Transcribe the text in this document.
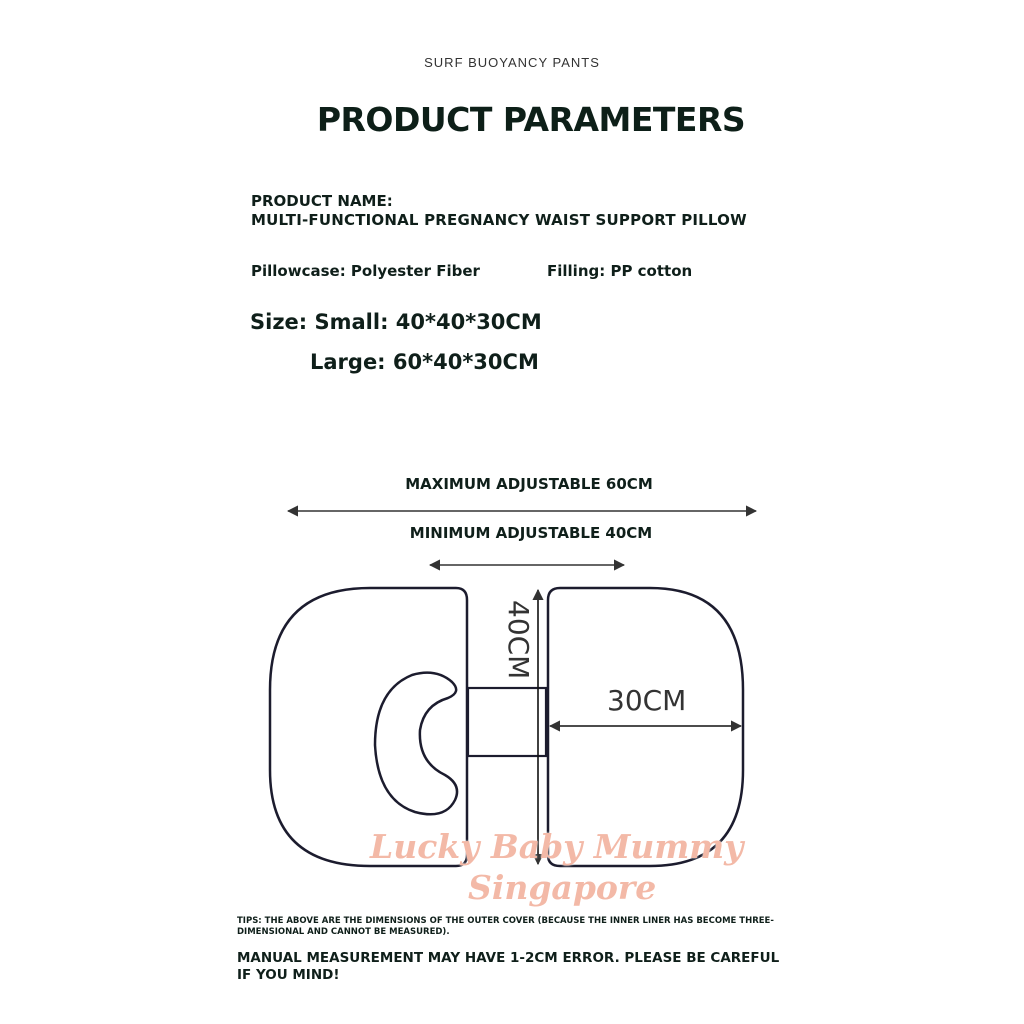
SURF BUOYANCY PANTS
PRODUCT PARAMETERS
PRODUCT NAME:
MULTI-FUNCTIONAL PREGNANCY WAIST SUPPORT PILLOW
Pillowcase: Polyester Fiber	Filling: PP cotton
Size: Small: 40*40*30CM
Large: 60*40*30CM
MAXIMUM ADJUSTABLE 60CM
MINIMUM ADJUSTABLE 40CM
40CM
30CM
Lucky Baby Mummy
Singapore
TIPS: THE ABOVE ARE THE DIMENSIONS OF THE OUTER COVER (BECAUSE THE INNER LINER HAS BECOME THREE-DIMENSIONAL AND CANNOT BE MEASURED).
MANUAL MEASUREMENT MAY HAVE 1-2CM ERROR. PLEASE BE CAREFUL IF YOU MIND!
